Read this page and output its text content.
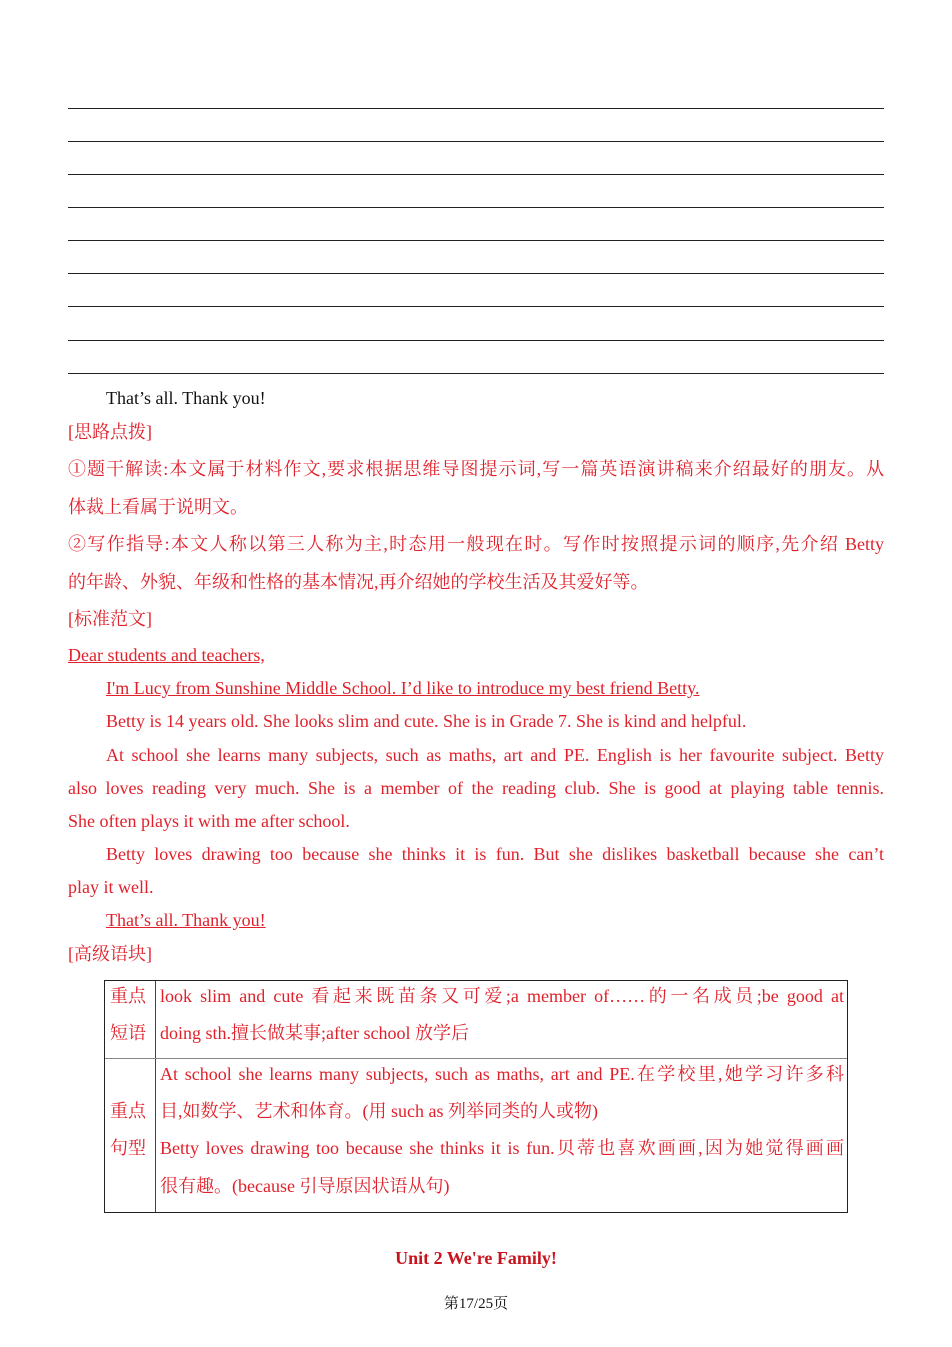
That’s all. Thank you!
[思路点拨]
①题干解读:本文属于材料作文,要求根据思维导图提示词,写一篇英语演讲稿来介绍最好的朋友。从
体裁上看属于说明文。
②写作指导:本文人称以第三人称为主,时态用一般现在时。写作时按照提示词的顺序,先介绍 Betty
的年龄、外貌、年级和性格的基本情况,再介绍她的学校生活及其爱好等。
[标准范文]
Dear students and teachers,
I'm Lucy from Sunshine Middle School. I’d like to introduce my best friend Betty.
Betty is 14 years old. She looks slim and cute. She is in Grade 7. She is kind and helpful.
At school she learns many subjects, such as maths, art and PE. English is her favourite subject. Betty
also loves reading very much. She is a member of the reading club. She is good at playing table tennis.
She often plays it with me after school.
Betty loves drawing too because she thinks it is fun. But she dislikes basketball because she can’t
play it well.
That’s all. Thank you!
[高级语块]
重点
短语
look slim and cute 看起来既苗条又可爱;a member of……的一名成员;be good at
doing sth.擅长做某事;after school 放学后
重点
句型
At school she learns many subjects, such as maths, art and PE.在学校里,她学习许多科
目,如数学、艺术和体育。(用 such as 列举同类的人或物)
Betty loves drawing too because she thinks it is fun.贝蒂也喜欢画画,因为她觉得画画
很有趣。(because 引导原因状语从句)
Unit 2 We're Family!
第17/25页
